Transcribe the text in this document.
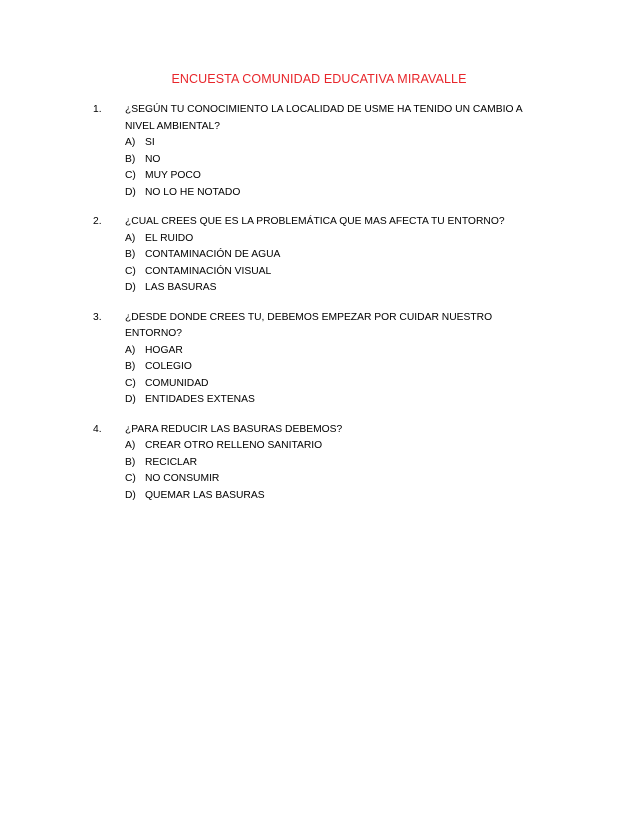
ENCUESTA COMUNIDAD EDUCATIVA MIRAVALLE
1.	¿SEGÚN TU CONOCIMIENTO LA LOCALIDAD DE USME HA TENIDO UN CAMBIO A NIVEL AMBIENTAL?
A) SI
B) NO
C) MUY POCO
D) NO LO HE NOTADO
2.	¿CUAL CREES QUE ES LA PROBLEMÁTICA QUE MAS AFECTA TU ENTORNO?
A) EL RUIDO
B) CONTAMINACIÓN DE AGUA
C) CONTAMINACIÓN VISUAL
D) LAS BASURAS
3.	¿DESDE DONDE CREES TU, DEBEMOS EMPEZAR POR CUIDAR NUESTRO ENTORNO?
A) HOGAR
B) COLEGIO
C) COMUNIDAD
D) ENTIDADES EXTENAS
4.	¿PARA REDUCIR LAS BASURAS DEBEMOS?
A) CREAR OTRO RELLENO SANITARIO
B) RECICLAR
C) NO CONSUMIR
D) QUEMAR LAS BASURAS
